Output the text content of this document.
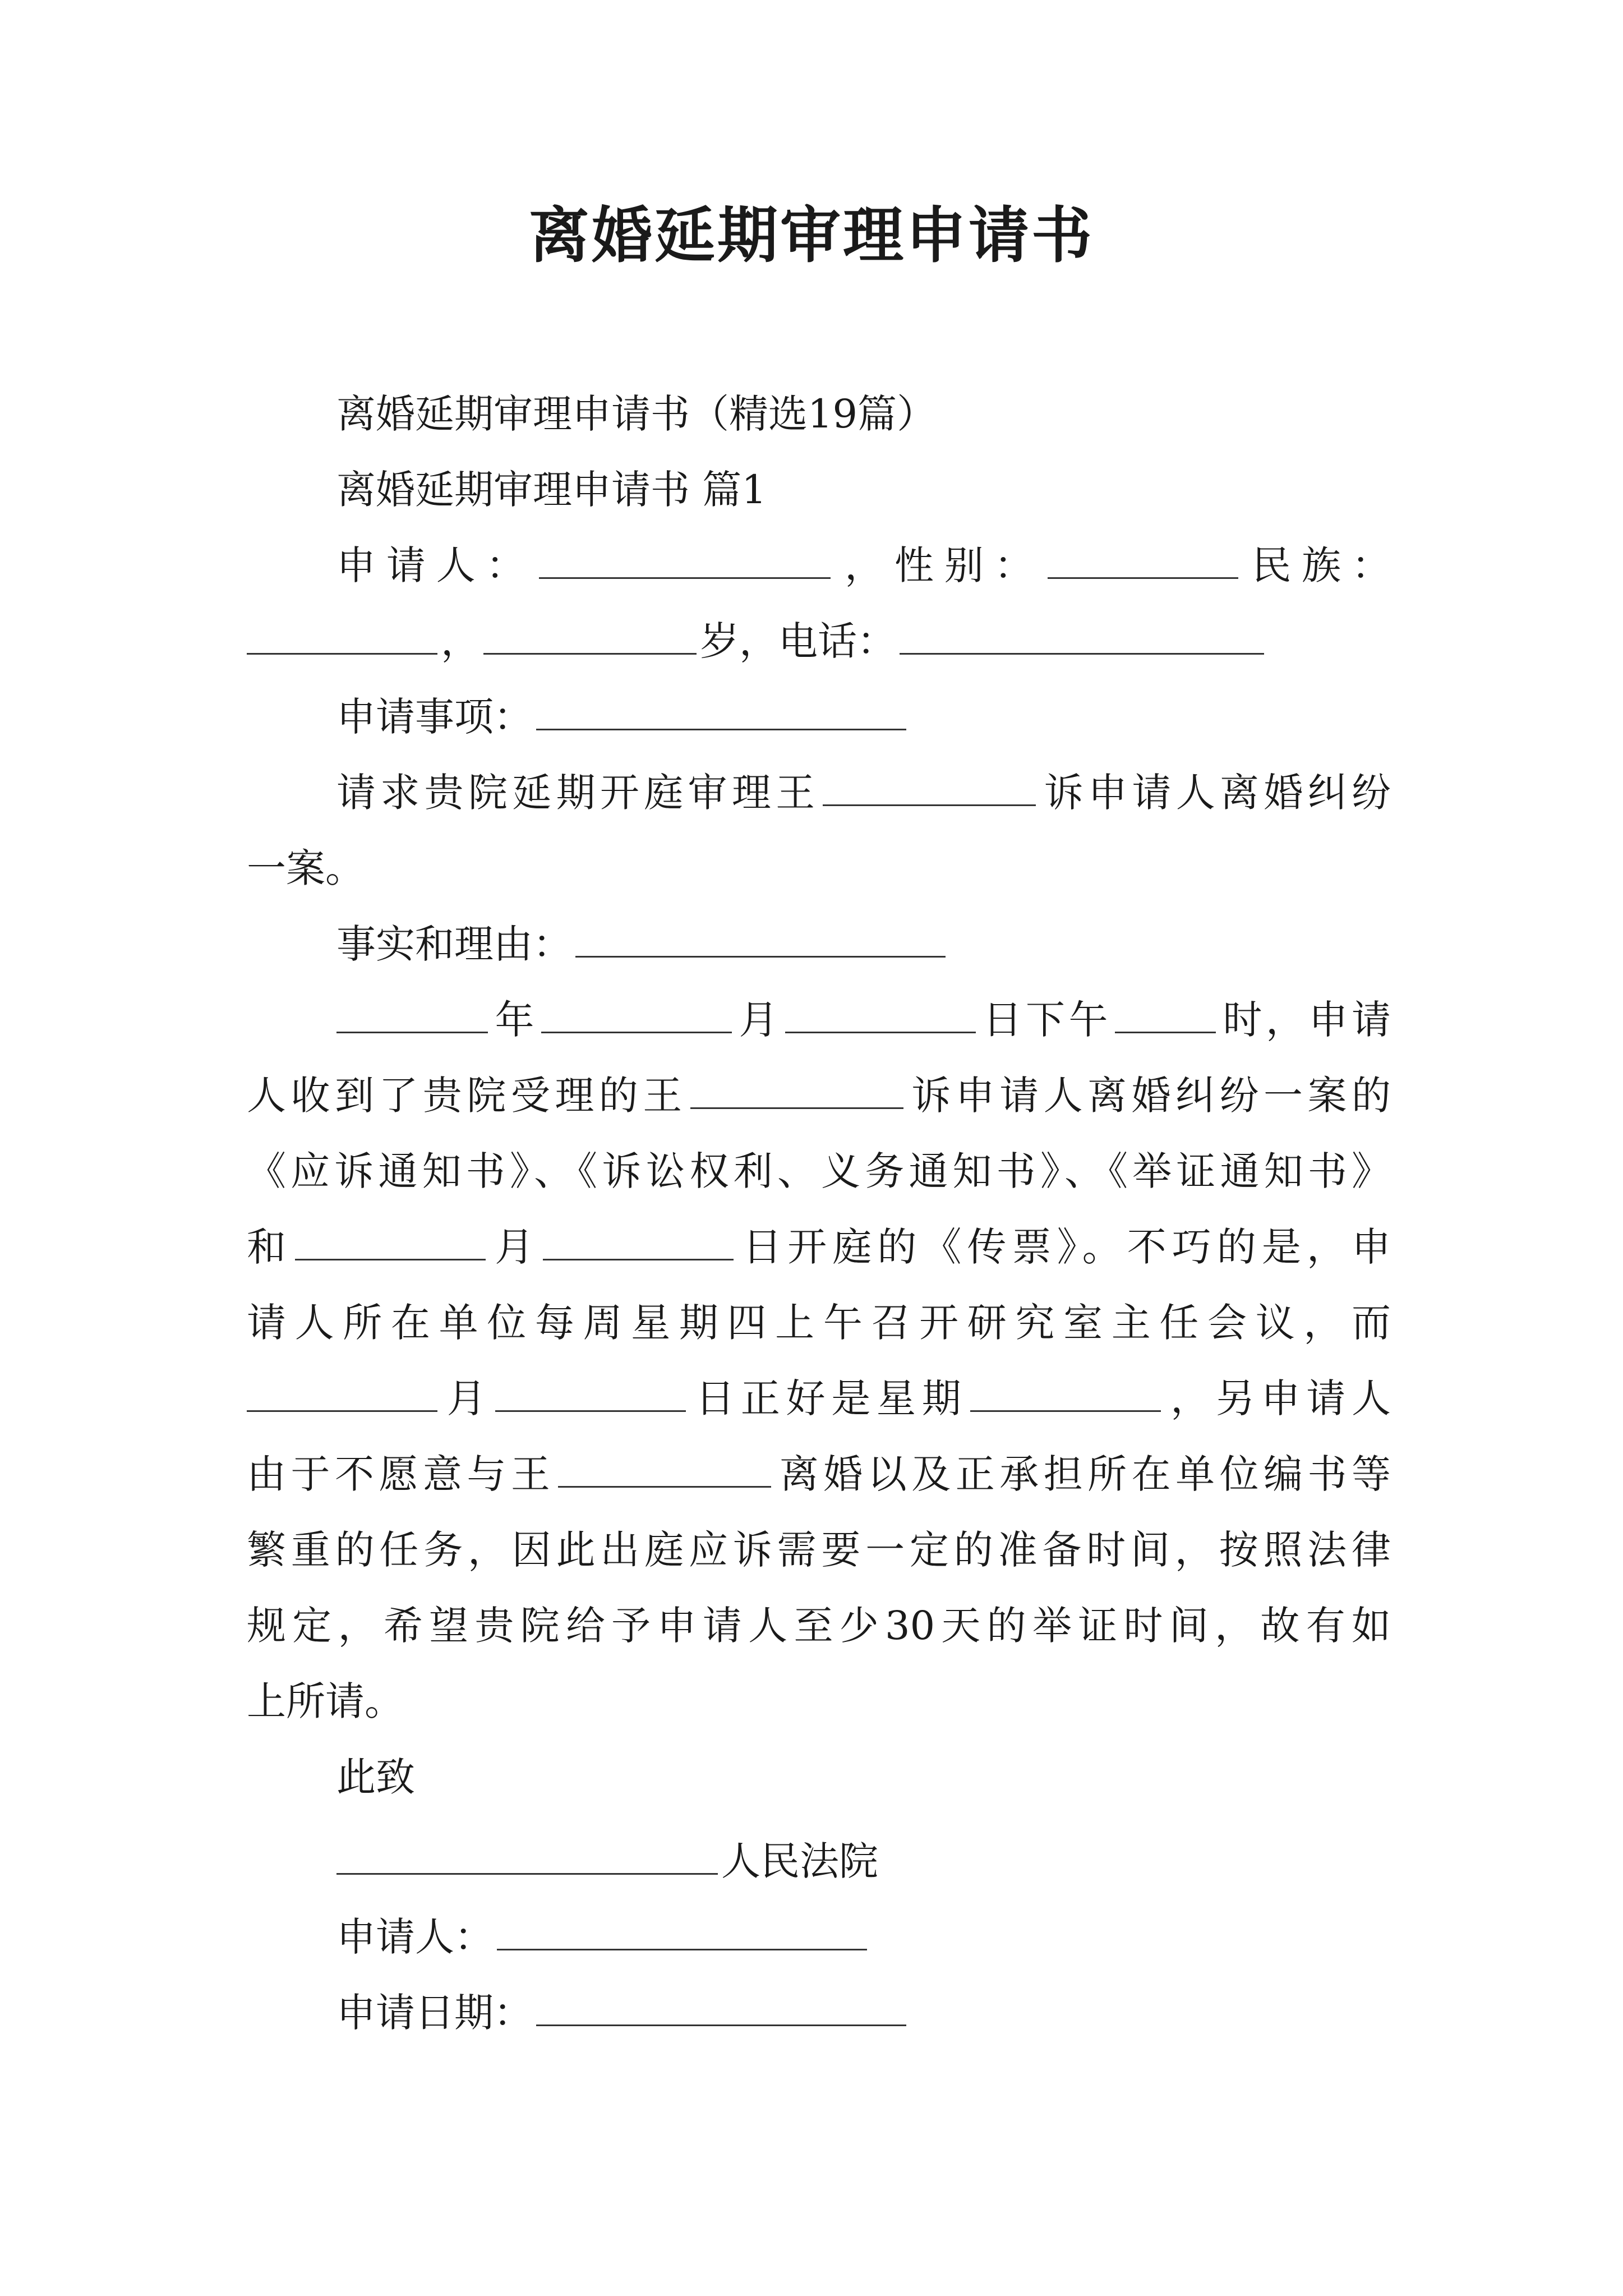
离婚延期审理申请书
离婚延期审理申请书（精选19篇）
离婚延期审理申请书 篇1
申请人：	，性别：	民族：
，	岁，电话：
申请事项：
请求贵院延期开庭审理王	诉申请人离婚纠纷
一案。
事实和理由：
年	月	日下午	时，申请
人收到了贵院受理的王	诉申请人离婚纠纷一案的
《应诉通知书》、《诉讼权利、义务通知书》、《举证通知书》
和	月	日开庭的《传票》。不巧的是，申
请人所在单位每周星期四上午召开研究室主任会议，而
月	日正好是星期	，另申请人
由于不愿意与王	离婚以及正承担所在单位编书等
繁重的任务，因此出庭应诉需要一定的准备时间，按照法律
规定，希望贵院给予申请人至少30天的举证时间，故有如
上所请。
此致
人民法院
申请人：
申请日期：
